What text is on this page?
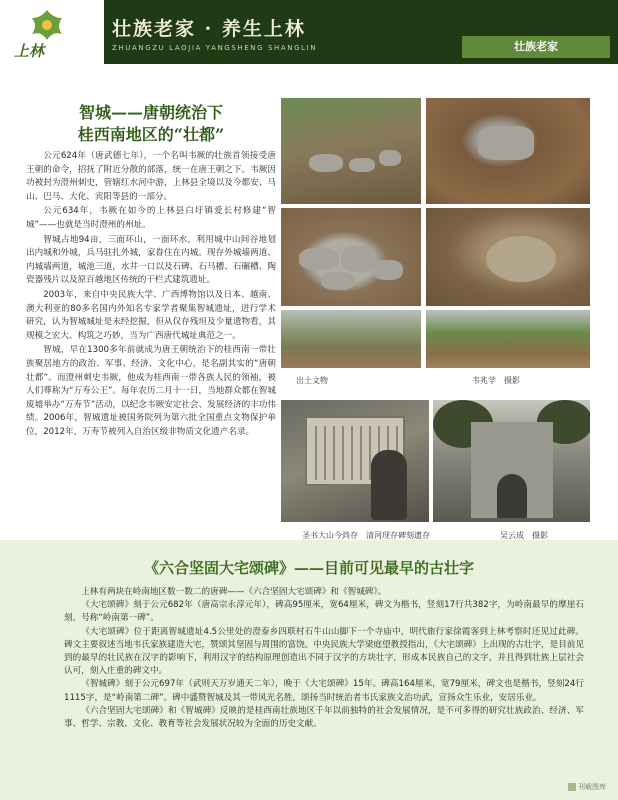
上林
壮族老家 · 养生上林
ZHUANGZU LAOJIA YANGSHENG SHANGLIN	壮族老家
智城——唐朝统治下
桂西南地区的“壮都”

公元624年（唐武德七年），一个名叫韦厥的壮族首领接受唐王朝的命令，招抚了附近分散的部落，统一在唐王朝之下。韦厥因功被封为澄州刺史，管辖红水河中游，上林县全境以及今都安、马山、巴马、大化、宾阳等县的一部分。

公元634年，韦厥在如今的上林县白圩镇爱长村修建“智城”——也就是当时澄州的州址。

智城占地94亩，三面环山，一面环水，利用城中山间谷地划出内城和外城，兵马驻扎外城，家眷住在内城。现存外城墙两道、内城墙两道，城池三道，水井一口以及石碑、石马槽、石碾槽、陶瓷器残片以及原百越地区传统的干栏式建筑遗址。

2003年，来自中央民族大学、广西博物馆以及日本、越南、澳大利亚的80多名国内外知名专家学者聚集智城遗址，进行学术研究，认为智城城址是未经挖掘，但从仅存残垣及少量遗物看，其规模之宏大、构筑之巧妙，当为广西唐代城址典范之一。

智城，早在1300多年前就成为唐王朝统治下的桂西南一带壮族聚居地方的政治、军事、经济、文化中心，是名副其实的“唐朝壮都”。而澄州刺史韦厥，他成为桂西南一带各族人民的领袖，被人们尊称为“万寿公王”。每年农历二月十一日，当地群众都在智城废墟举办“万寿节”活动，以纪念韦厥安定社会、发展经济的丰功伟绩。2006年，智城遗址被国务院列为第六批全国重点文物保护单位，2012年，万寿节被列入自治区级非物质文化遗产名录。

出土文物	韦兆学　摄影
圣书大山今尚存　清河现存碑刻遗存	吴云成　摄影
《六合坚固大宅颂碑》——目前可见最早的古壮字

上林有两块在岭南地区数一数二的唐碑——《六合坚固大宅颂碑》和《智城碑》。

《大宅颂碑》刻于公元682年（唐高宗永淳元年），碑高95厘米，宽64厘米，碑文为楷书，竖刻17行共382字，为岭南最早的摩崖石刻，号称“岭南第一碑”。

《大宅颂碑》位于距离智城遗址4.5公里处的澄泰乡四联村石牛山山脚下一个寺庙中，明代旅行家徐霞客到上林考察时还见过此碑。碑文主要叙述当地韦氏家族建造大宅，赞颂其坚固与周围的富饶。中央民族大学梁庭望教授指出，《大宅颂碑》上出现的古壮字，是目前见到的最早的壮民族在汉字的影响下，利用汉字的结构原理创造出不同于汉字的方块壮字，形成本民族自己的文字，并且得到壮族上层社会认可，刻入庄重的碑文中。

《智城碑》刻于公元697年（武则天万岁通天二年），晚于《大宅颂碑》15年。碑高164厘米，宽79厘米，碑文也是楷书，竖刻24行1115字，是“岭南第二碑”。碑中盛赞智城及其一带风光名胜，颂扬当时统治者韦氏家族文治功武，宣扬众生乐业，安居乐业。

《六合坚固大宅颂碑》和《智城碑》反映的是桂西南壮族地区千年以前独特的社会发展情况，是不可多得的研究壮族政治、经济、军事、哲学、宗教、文化、教育等社会发展状况较为全面的历史文献。

刊载图库
